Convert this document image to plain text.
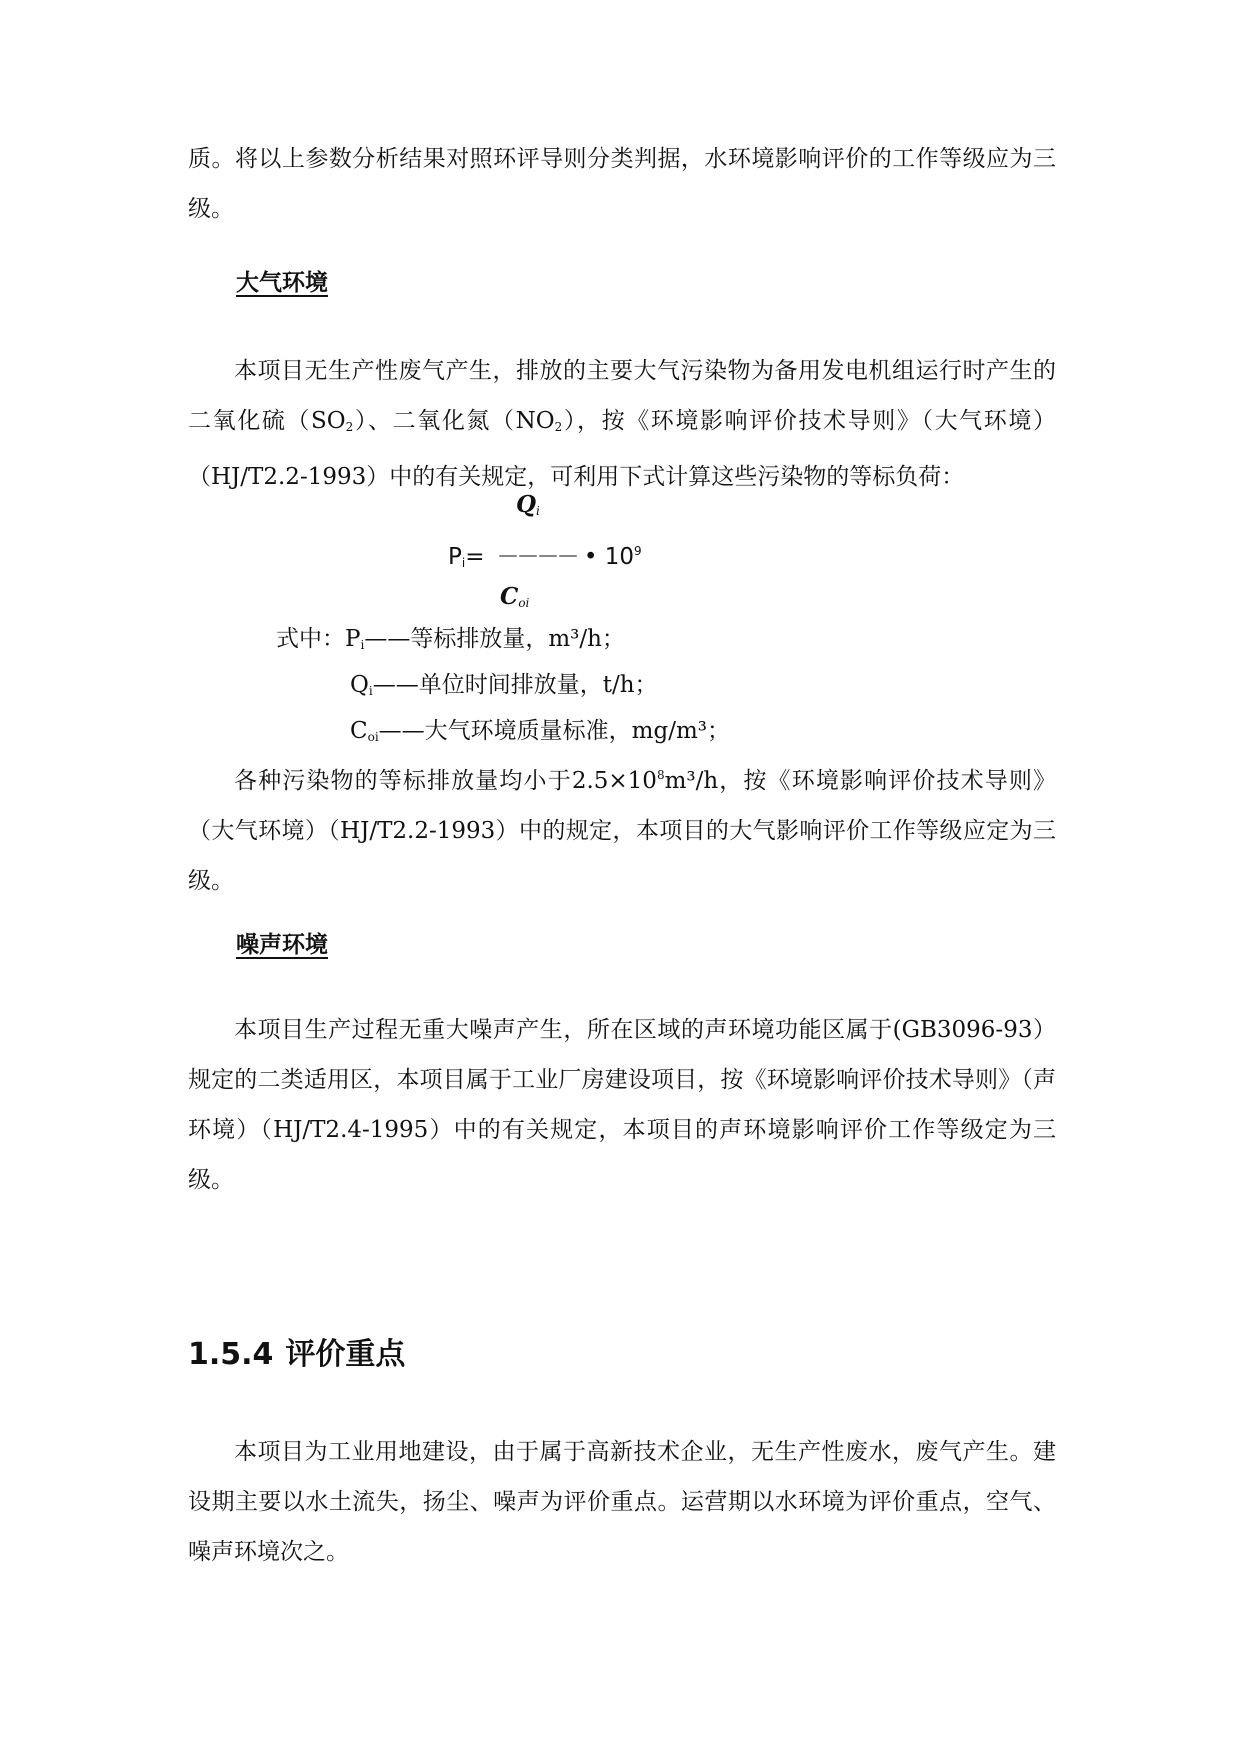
质。将以上参数分析结果对照环评导则分类判据，水环境影响评价的工作等级应为三级。

大气环境

本项目无生产性废气产生，排放的主要大气污染物为备用发电机组运行时产生的二氧化硫$(SO_2)$、二氧化氮$(NO_2)$，按《环境影响评价技术导则》（大气环境）（HJ/T2.2-1993）中的有关规定，可利用下式计算这些污染物的等标负荷：

$Q_i$
$P_i=$ －－－－ • $10^9$
$C_{oi}$
式中：$P_i——$等标排放量，m³/h；
$Q_i——$单位时间排放量，t/h；
$C_{oi}——$大气环境质量标准，mg/m³；

各种污染物的等标排放量均小于$2.5\times 10^8m^3/h$，按《环境影响评价技术导则》（大气环境）（HJ/T2.2-1993）中的规定，本项目的大气影响评价工作等级应定为三级。

噪声环境

本项目生产过程无重大噪声产生，所在区域的声环境功能区属于(GB3096-93）规定的二类适用区，本项目属于工业厂房建设项目，按《环境影响评价技术导则》（声环境）（HJ/T2.4-1995）中的有关规定，本项目的声环境影响评价工作等级定为三级。

1.5.4 评价重点

本项目为工业用地建设，由于属于高新技术企业，无生产性废水，废气产生。建设期主要以水土流失，扬尘、噪声为评价重点。运营期以水环境为评价重点，空气、噪声环境次之。
